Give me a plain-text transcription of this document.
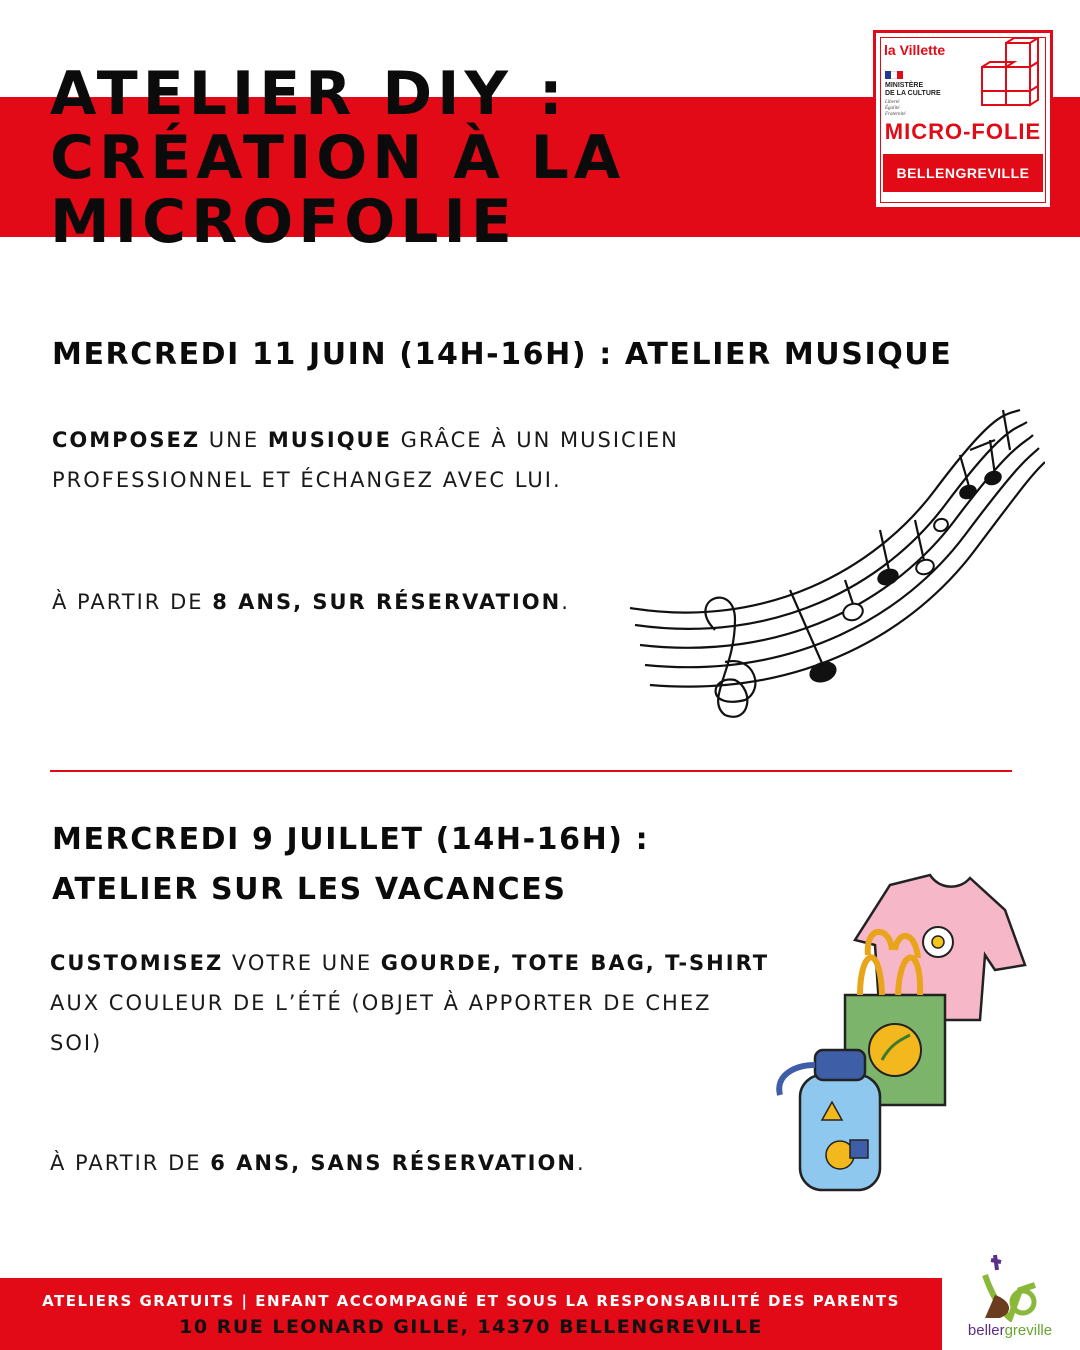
ATELIER DIY :
CRÉATION À LA
MICROFOLIE
la Villette
MINISTÈRE
DE LA CULTURE
Liberté
Égalité
Fraternité
MICRO-FOLIE
BELLENGREVILLE
MERCREDI 11 JUIN (14H-16H) : ATELIER MUSIQUE

COMPOSEZ UNE MUSIQUE GRÂCE À UN MUSICIEN
PROFESSIONNEL ET ÉCHANGEZ AVEC LUI.

À PARTIR DE 8 ANS, SUR RÉSERVATION.

MERCREDI 9 JUILLET (14H-16H) :
ATELIER SUR LES VACANCES

CUSTOMISEZ VOTRE UNE GOURDE, TOTE BAG, T-SHIRT
AUX COULEUR DE L’ÉTÉ (OBJET À APPORTER DE CHEZ
SOI)

À PARTIR DE 6 ANS, SANS RÉSERVATION.

ATELIERS GRATUITS | ENFANT ACCOMPAGNÉ ET SOUS LA RESPONSABILITÉ DES PARENTS
10 RUE LEONARD GILLE, 14370 BELLENGREVILLE	bellergreville
